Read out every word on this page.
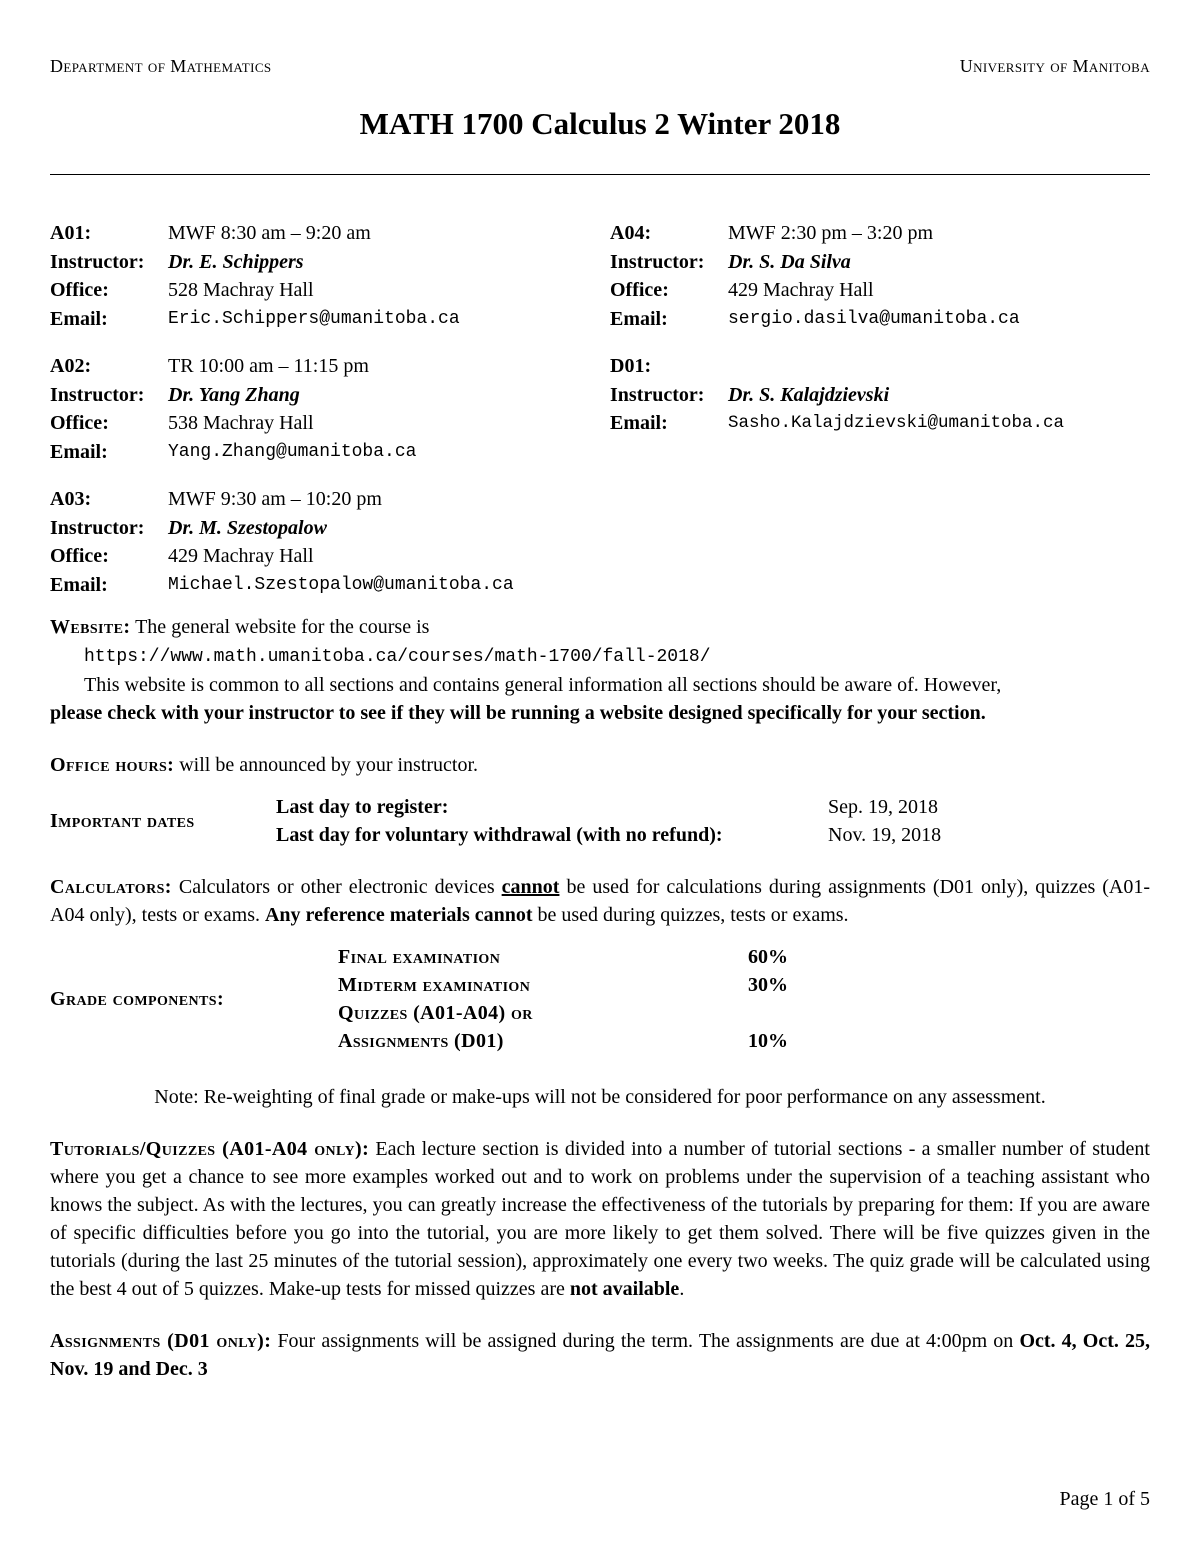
Department of Mathematics	University of Manitoba
MATH 1700 Calculus 2 Winter 2018
A01:	MWF 8:30 am – 9:20 am
Instructor:	Dr. E. Schippers
Office:	528 Machray Hall
Email:	Eric.Schippers@umanitoba.ca
A02:	TR 10:00 am – 11:15 pm
Instructor:	Dr. Yang Zhang
Office:	538 Machray Hall
Email:	Yang.Zhang@umanitoba.ca
A03:	MWF 9:30 am – 10:20 pm
Instructor:	Dr. M. Szestopalow
Office:	429 Machray Hall
Email:	Michael.Szestopalow@umanitoba.ca
A04:	MWF 2:30 pm – 3:20 pm
Instructor:	Dr. S. Da Silva
Office:	429 Machray Hall
Email:	sergio.dasilva@umanitoba.ca
D01:
Instructor:	Dr. S. Kalajdzievski
Email:	Sasho.Kalajdzievski@umanitoba.ca

Website: The general website for the course is

https://www.math.umanitoba.ca/courses/math-1700/fall-2018/

This website is common to all sections and contains general information all sections should be aware of. However,

please check with your instructor to see if they will be running a website designed specifically for your section.

Office hours: will be announced by your instructor.

Important dates
Last day to register:	Sep. 19, 2018
Last day for voluntary withdrawal (with no refund):	Nov. 19, 2018

Calculators: Calculators or other electronic devices cannot be used for calculations during assignments (D01 only), quizzes (A01-A04 only), tests or exams. Any reference materials cannot be used during quizzes, tests or exams.

Grade components:
Final examination	60%
Midterm examination	30%
Quizzes (A01-A04) or	
Assignments (D01)	10%

Note: Re-weighting of final grade or make-ups will not be considered for poor performance on any assessment.

Tutorials/Quizzes (A01-A04 only): Each lecture section is divided into a number of tutorial sections - a smaller number of student where you get a chance to see more examples worked out and to work on problems under the supervision of a teaching assistant who knows the subject. As with the lectures, you can greatly increase the effectiveness of the tutorials by preparing for them: If you are aware of specific difficulties before you go into the tutorial, you are more likely to get them solved. There will be five quizzes given in the tutorials (during the last 25 minutes of the tutorial session), approximately one every two weeks. The quiz grade will be calculated using the best 4 out of 5 quizzes. Make-up tests for missed quizzes are not available.

Assignments (D01 only): Four assignments will be assigned during the term. The assignments are due at 4:00pm on Oct. 4, Oct. 25, Nov. 19 and Dec. 3

Page 1 of 5
